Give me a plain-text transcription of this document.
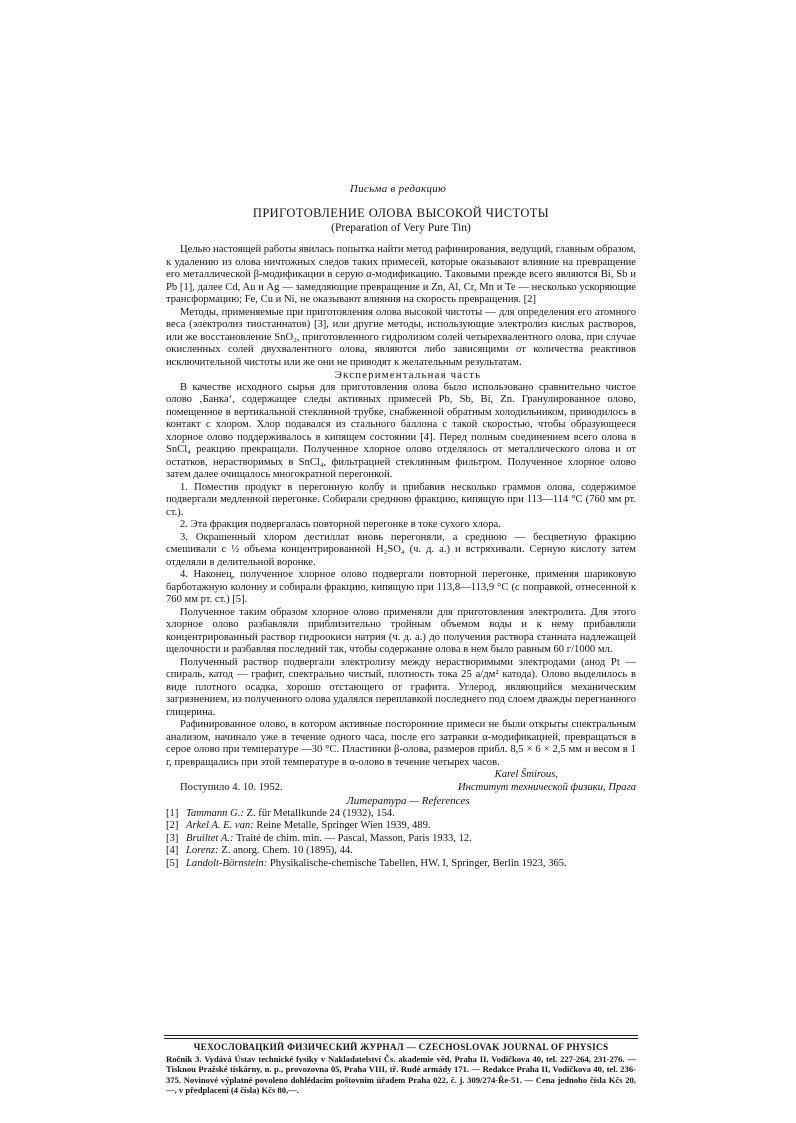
Письма в редакцию
ПРИГОТОВЛЕНИЕ ОЛОВА ВЫСОКОЙ ЧИСТОТЫ

(Preparation of Very Pure Tin)

Целью настоящей работы явилась попытка найти метод рафинирования, ведущий, главным образом, к удалению из олова ничтожных следов таких примесей, которые оказывают влияние на превращение его металлической β-модификации в серую α-модификацию. Таковыми прежде всего являются Bi, Sb и Pb [1], далее Cd, Au и Ag — замедляющие превращение и Zn, Al, Cr, Mn и Te — несколько ускоряющие трансформацию; Fe, Cu и Ni, не оказывают влияния на скорость превращения. [2]

Методы, применяемые при приготовления олова высокой чистоты — для определения его атомного веса (электролиз тиостаннатов) [3], или другие методы, использующие электролиз кислых растворов, или же восстановление SnO₂, приготовленного гидролизом солей четырехвалентного олова, при случае окисленных солей двухвалентного олова, являются либо зависящими от количества реактивов исключительной чистоты или же они не приводят к желательным результатам.

Экспериментальная часть

В качестве исходного сырья для приготовления олова было использовано сравнительно чистое олово ‚Банка‘, содержащее следы активных примесей Pb, Sb, Bi, Zn. Гранулированное олово, помещенное в вертикальной стеклянной трубке, снабженной обратным холодильником, приводилось в контакт с хлором. Хлор подавался из стального баллона с такой скоростью, чтобы образующееся хлорное олово поддерживалось в кипящем состоянии [4]. Перед полным соединением всего олова в SnCl₄ реакцию прекращали. Полученное хлорное олово отделялось от металлического олова и от остатков, нерастворимых в SnCl₄, фильтрацией стеклянным фильтром. Полученное хлорное олово затем далее очищалось многократной перегонкой.

1. Поместив продукт в перегонную колбу и прибавив несколько граммов олова, содержимое подвергали медленной перегонке. Собирали среднюю фракцию, кипящую при 113—114 °C (760 мм рт. ст.).

2. Эта фракция подвергалась повторной перегонке в токе сухого хлора.

3. Окрашенный хлором дестиллат вновь перегоняли, а среднюю — бесцветную фракцию смешивали с ½ объема концентрированной H₂SO₄ (ч. д. а.) и встряхивали. Серную кислоту затем отделяли в делительной воронке.

4. Наконец, полученное хлорное олово подвергали повторной перегонке, применяя шариковую барботажную колонну и собирали фракцию, кипящую при 113,8—113,9 °C (с поправкой, отнесенной к 760 мм рт. ст.) [5].

Полученное таким образом хлорное олово применяли для приготовления электролита. Для этого хлорное олово разбавляли приблизительно тройным объемом воды и к нему прибавляли концентрированный раствор гидроокиси натрия (ч. д. а.) до получения раствора станната надлежащей щелочности и разбавляя последний так, чтобы содержание олова в нем было равным 60 г/1000 мл.

Полученный раствор подвергали электролизу между нерастворимыми электродами (анод Pt — спираль, катод — графит, спектрально чистый, плотность тока 25 а/дм² катода). Олово выделилось в виде плотного осадка, хорошо отстающего от графита. Углерод, являющийся механическим загрязнением, из полученного олова удалялся переплавкой последнего под слоем дважды перегнанного глицерина.

Рафинированное олово, в котором активные посторонние примеси не были открыты спектральным анализом, начинало уже в течение одного часа, после его затравки α-модификацией, превращаться в серое олово при температуре —30 °C. Пластинки β-олова, размеров прибл. 8,5 × 6 × 2,5 мм и весом в 1 г, превращались при этой температуре в α-олово в течение четырех часов.

Karel Šmirous,
Поступило 4. 10. 1952.	Институт технической физики, Прага

Литература — References

[1] Tammann G.: Z. für Metallkunde 24 (1932), 154.
[2] Arkel A. E. van: Reine Metalle, Springer Wien 1939, 489.
[3] Bruiltet A.: Traité de chim. min. — Pascal, Masson, Paris 1933, 12.
[4] Lorenz: Z. anorg. Chem. 10 (1895), 44.
[5] Landolt-Börnstein: Physikalische-chemische Tabellen, HW. I, Springer, Berlin 1923, 365.
ЧЕХОСЛОВАЦКИЙ ФИЗИЧЕСКИЙ ЖУРНАЛ — CZECHOSLOVAK JOURNAL OF PHYSICS
Ročník 3. Vydává Ústav technické fysiky v Nakladatelství Čs. akademie věd, Praha II, Vodičkova 40, tel. 227-264, 231-276. — Tisknou Pražské tiskárny, n. p., provozovna 05, Praha VIII, tř. Rudé armády 171. — Redakce Praha II, Vodičkova 40, tel. 236-375. Novinové výplatné povoleno dohlédacím poštovním úřadem Praha 022, č. j. 309/274-Ře-51. — Cena jednoho čísla Kčs 20,—, v předplacení (4 čísla) Kčs 80,—.
